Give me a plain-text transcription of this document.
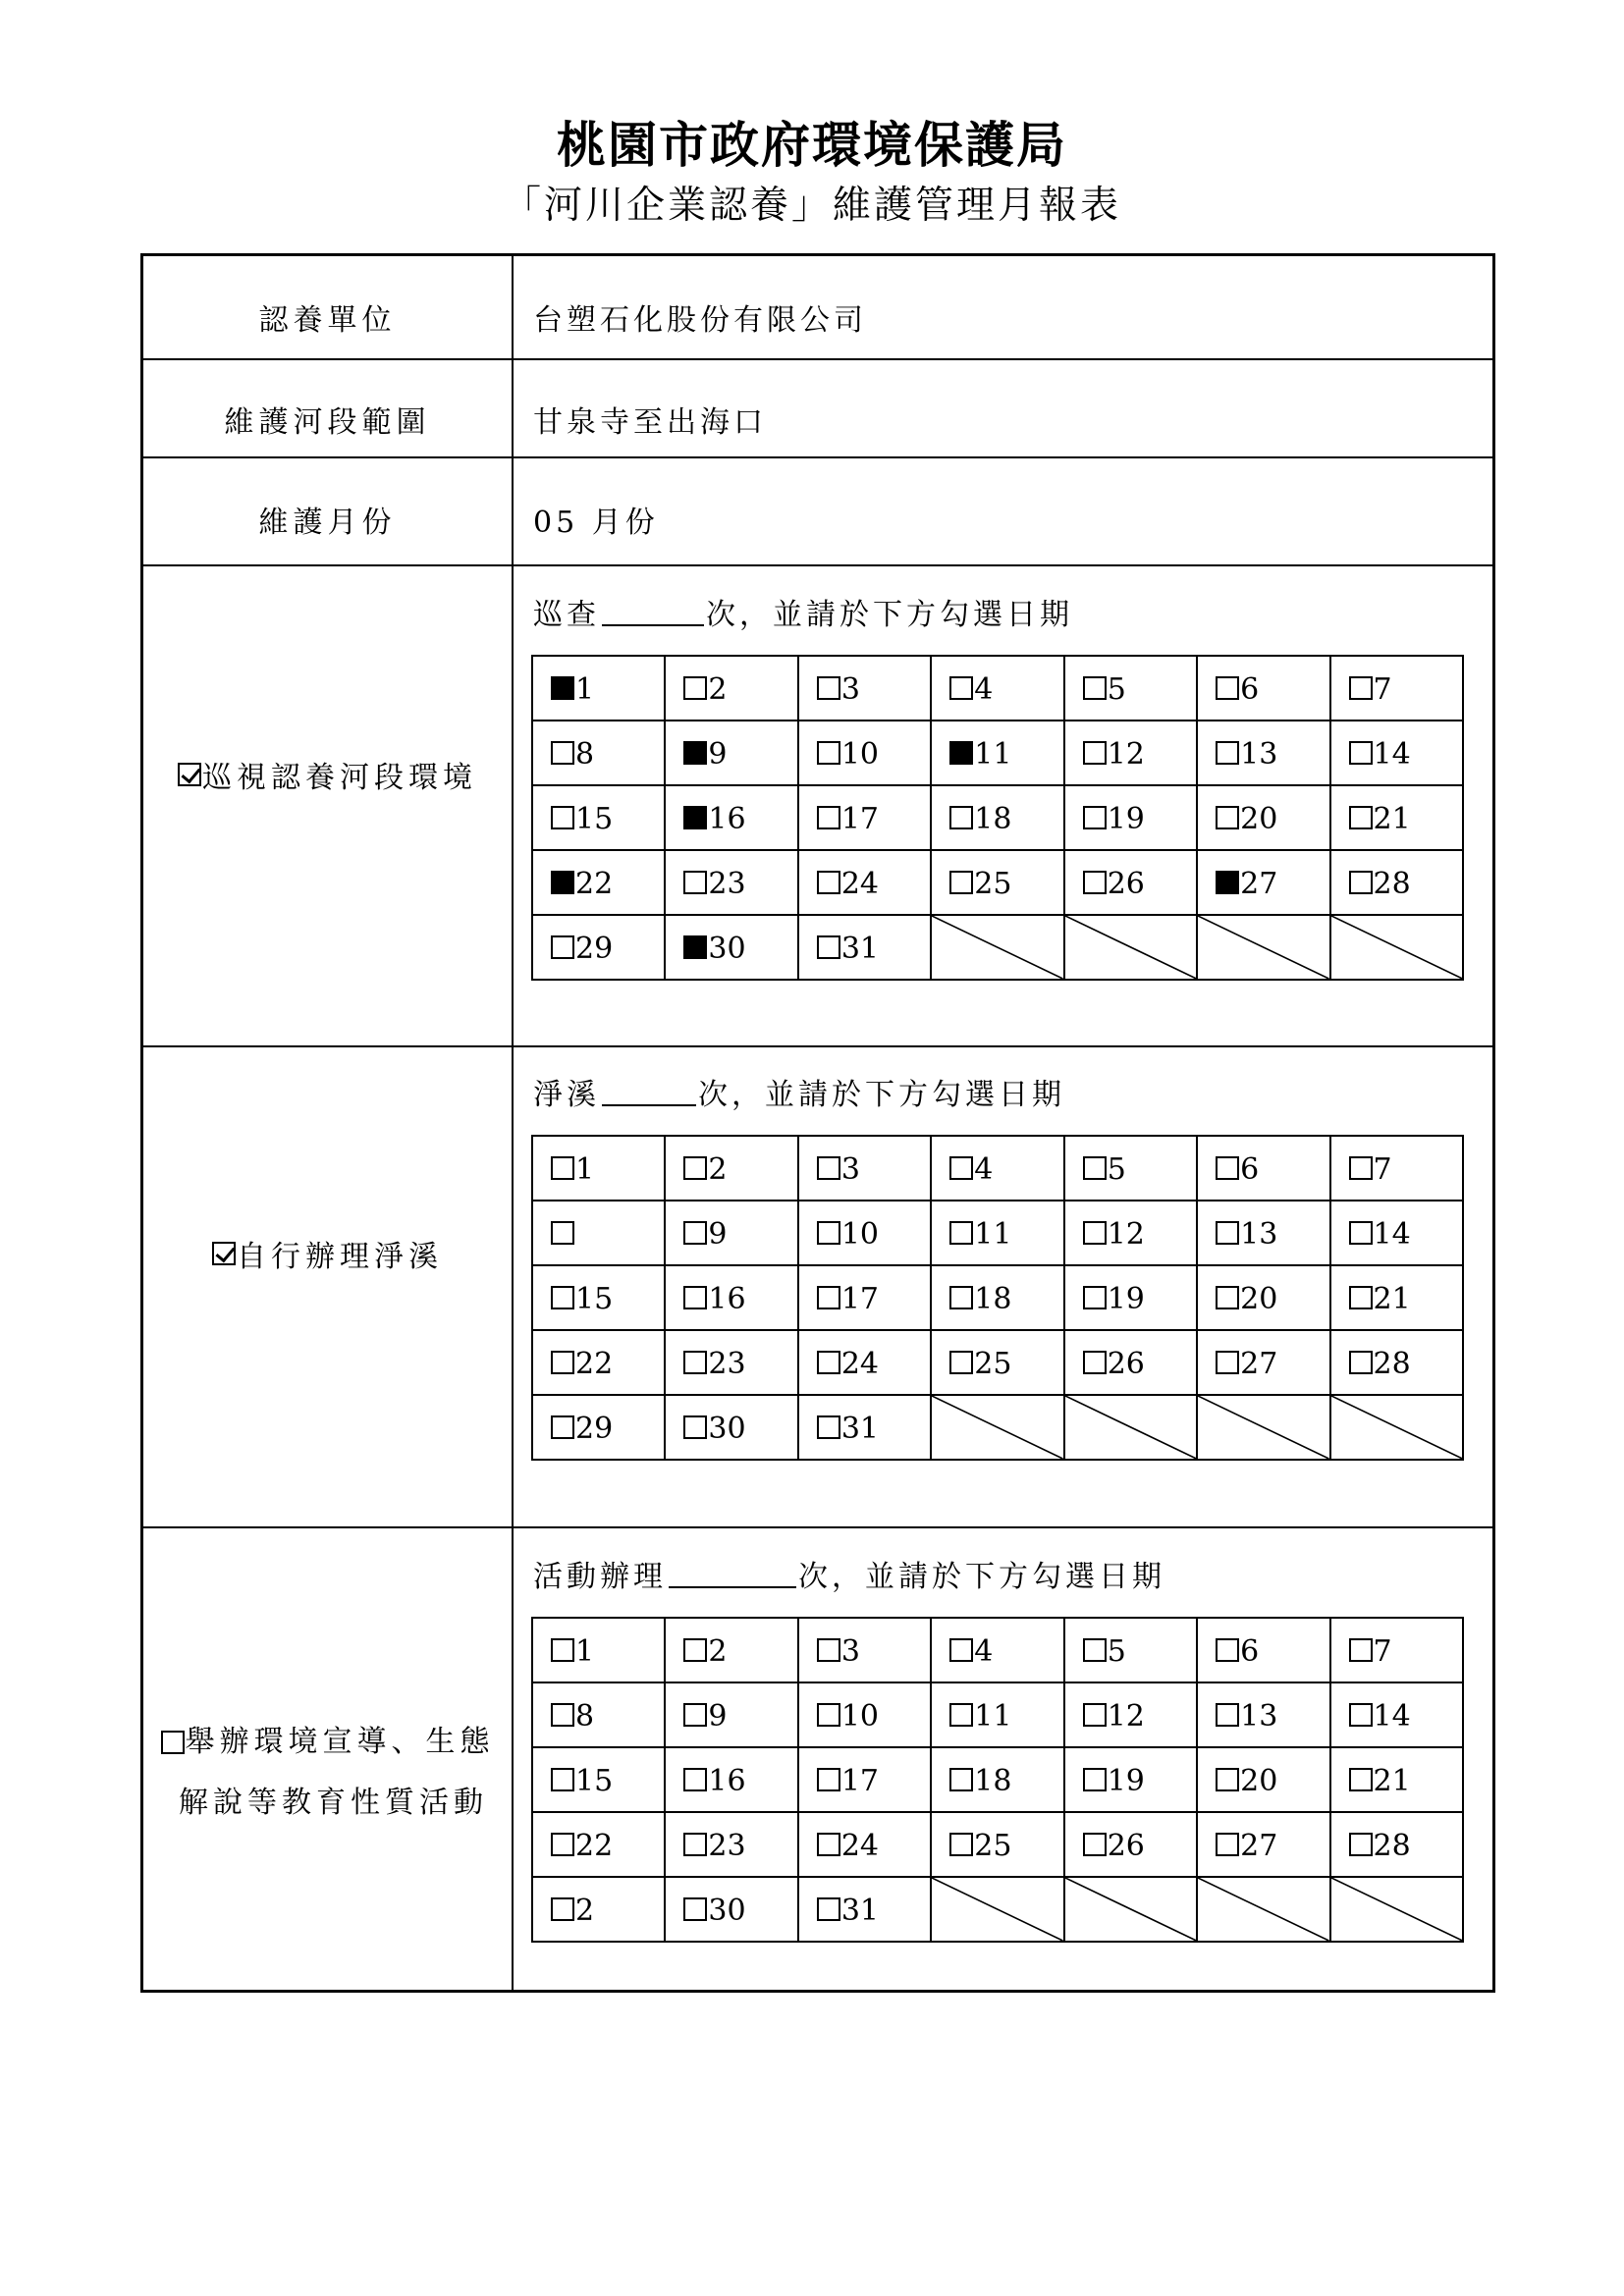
桃園市政府環境保護局
「河川企業認養」維護管理月報表
認養單位	台塑石化股份有限公司
維護河段範圍	甘泉寺至出海口
維護月份	05 月份
巡視認養河段環境
巡查	次，並請於下方勾選日期
1	2	3	4	5	6	7
8	9	10	11	12	13	14
15	16	17	18	19	20	21
22	23	24	25	26	27	28
29	30	31	

自行辦理淨溪
淨溪	次，並請於下方勾選日期
1	2	3	4	5	6	7
	9	10	11	12	13	14
15	16	17	18	19	20	21
22	23	24	25	26	27	28
29	30	31	

舉辦環境宣導、生態
解說等教育性質活動
活動辦理	次，並請於下方勾選日期
1	2	3	4	5	6	7
8	9	10	11	12	13	14
15	16	17	18	19	20	21
22	23	24	25	26	27	28
2	30	31	
